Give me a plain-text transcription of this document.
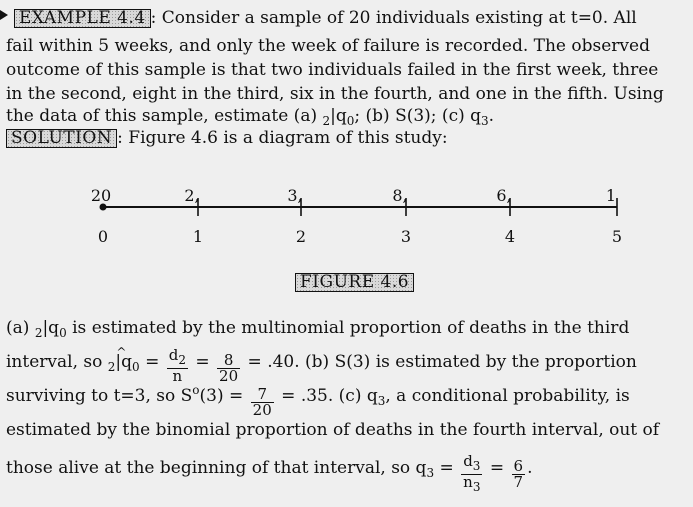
EXAMPLE 4.4 : Consider a sample of 20 individuals existing at t=0. All
fail within 5 weeks, and only the week of failure is recorded. The observed
outcome of this sample is that two individuals failed in the first week, three
in the second, eight in the third, six in the fourth, and one in the fifth. Using
the data of this sample, estimate (a) $_2|q_0$; (b) S(3); (c) $q_3$.
SOLUTION : Figure 4.6 is a diagram of this study:
20	2,	3,	8,	6,	1
0	1	2	3	4	5
FIGURE 4.6
(a) $_2|q_0$ is estimated by the multinomial proportion of deaths in the third
interval, so $_2$^ $|q_0 = \frac{d_2}{n} = \frac{8}{20} = .40$. (b) S(3) is estimated by the proportion
surviving to t=3, so $S^o(3) = \frac{7}{20} = .35$. (c) $q_3$, a conditional probability, is
estimated by the binomial proportion of deaths in the fourth interval, out of
those alive at the beginning of that interval, so $q_3 = \frac{d_3}{n_3} = \frac{6}{7}$ .
